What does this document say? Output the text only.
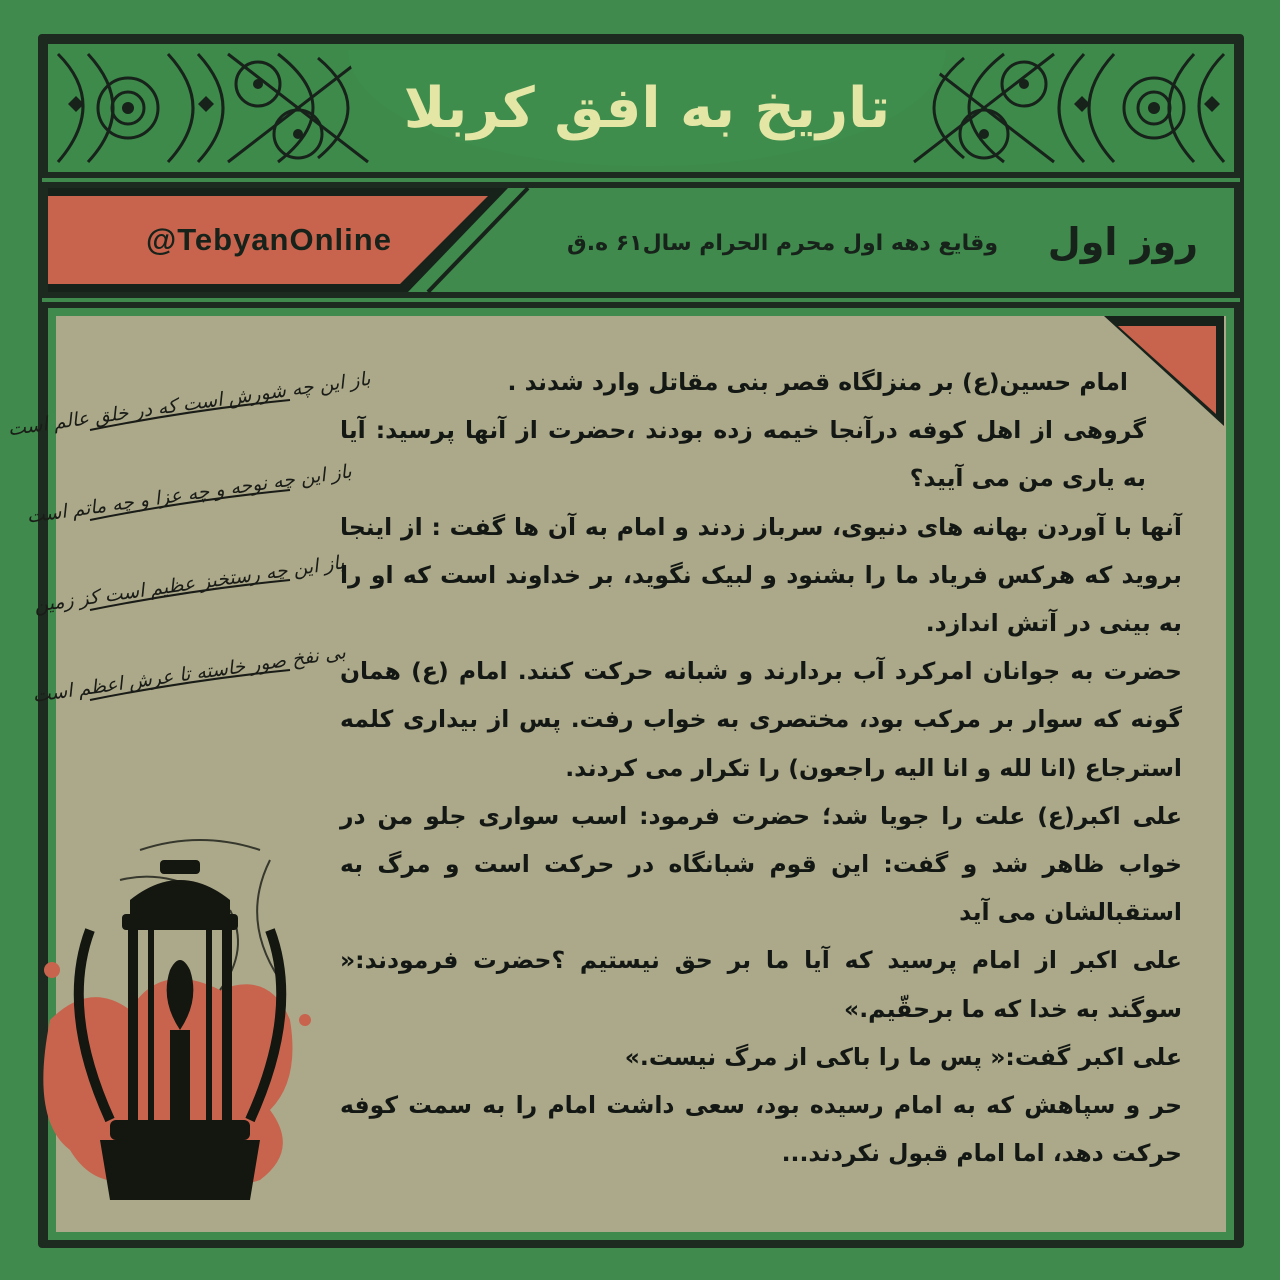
تاریخ به افق کربلا
@TebyanOnline	وقایع دهه اول محرم الحرام سال۶۱ ه.ق روز اول
باز این چه شورش است که در خلق عالم است
باز این چه نوحه و چه عزا و چه ماتم است
باز این چه رستخیز عظیم است کز زمین
بی نفخ صور خاسته تا عرش اعظم است

امام حسین(ع) بر منزلگاه قصر بنی مقاتل وارد شدند .

گروهی از اهل کوفه درآنجا خیمه زده بودند ،حضرت از آنها پرسید: آیا به یاری من می آیید؟

آنها با آوردن بهانه های دنیوی، سرباز زدند و امام به آن ها گفت : از اینجا بروید که هرکس فریاد ما را بشنود و لبیک نگوید، بر خداوند است که او را به بینی در آتش اندازد.

حضرت به جوانان امرکرد آب بردارند و شبانه حرکت کنند. امام (ع) همان گونه که سوار بر مرکب بود، مختصری به خواب رفت. پس از بیداری کلمه استرجاع (انا لله و انا الیه راجعون) را تکرار می کردند.

علی اکبر(ع) علت را جویا شد؛ حضرت فرمود: اسب سواری جلو من در خواب ظاهر شد و گفت: این قوم شبانگاه در حرکت است و مرگ به استقبالشان می آید

علی اکبر از امام پرسید که آیا ما بر حق نیستیم ؟حضرت فرمودند:« سوگند به خدا که ما برحقّیم.»

علی اکبر گفت:« پس ما را باکی از مرگ نیست.»

حر و سپاهش که به امام رسیده بود، سعی داشت امام را به سمت کوفه حرکت دهد، اما امام قبول نکردند...
